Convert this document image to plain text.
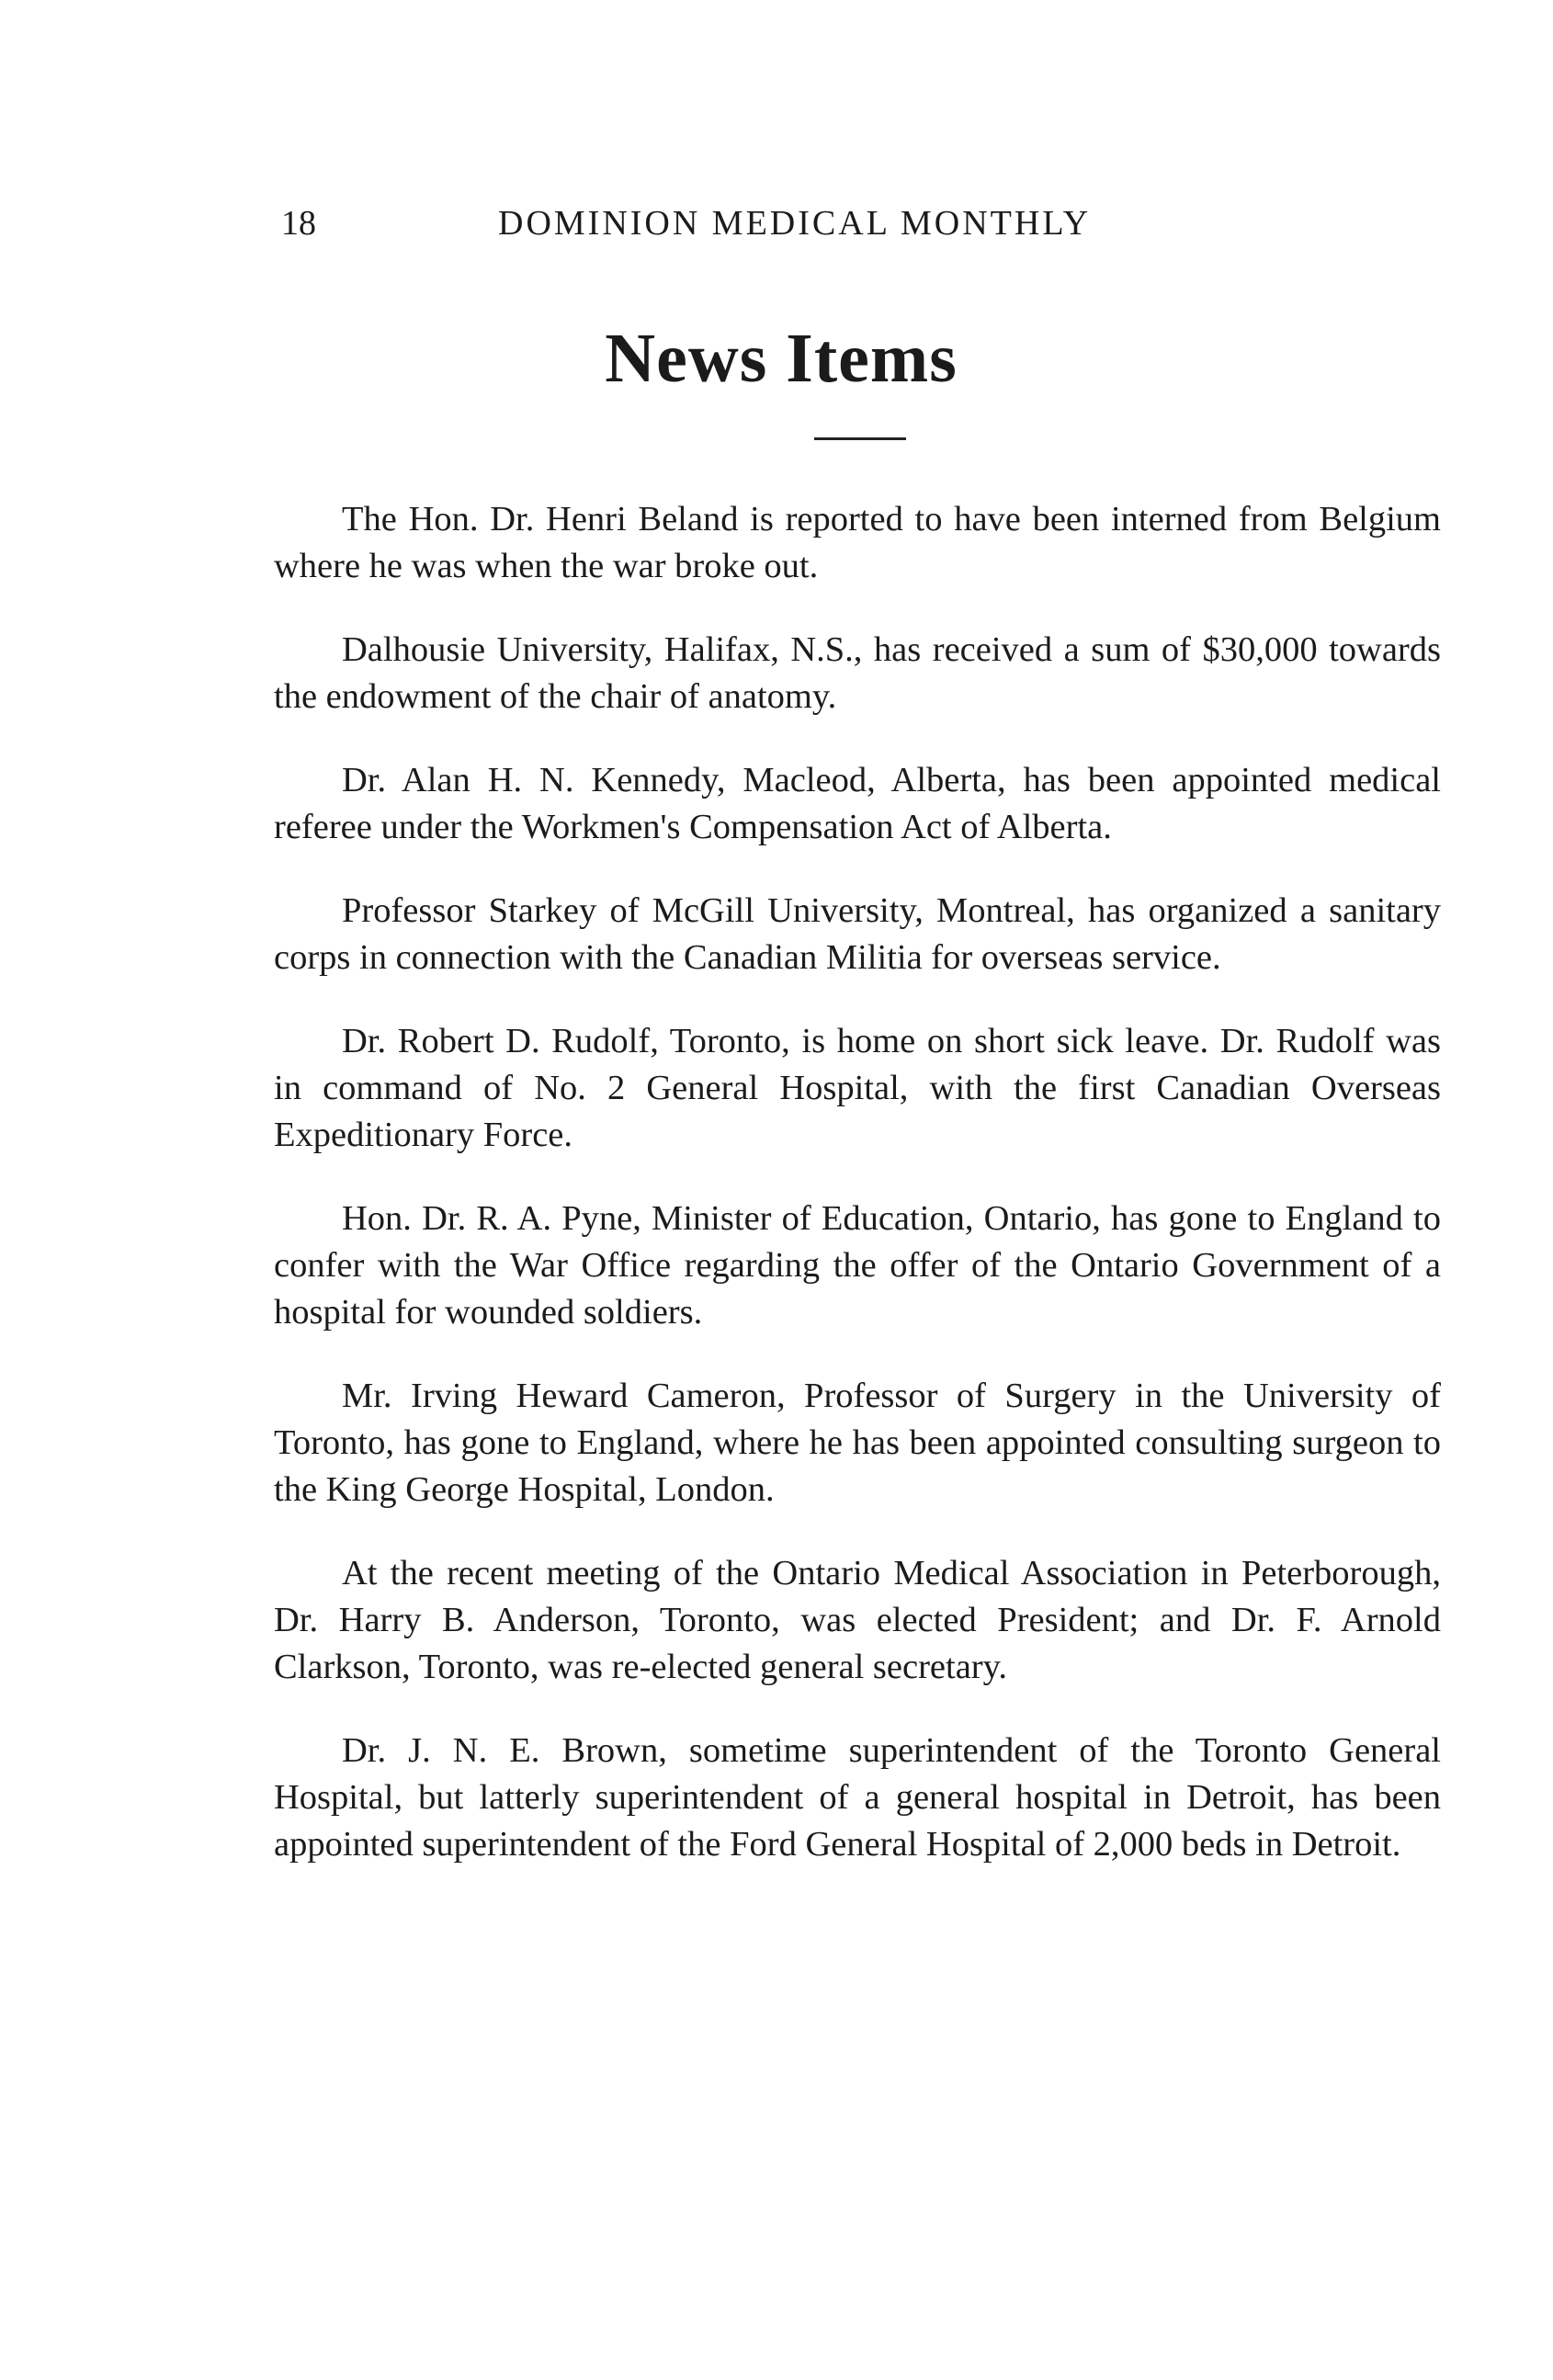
18	DOMINION MEDICAL MONTHLY
News Items

The Hon. Dr. Henri Beland is reported to have been interned from Belgium where he was when the war broke out.

Dalhousie University, Halifax, N.S., has received a sum of $30,000 towards the endowment of the chair of anatomy.

Dr. Alan H. N. Kennedy, Macleod, Alberta, has been appointed medical referee under the Workmen's Compensation Act of Alberta.

Professor Starkey of McGill University, Montreal, has organized a sanitary corps in connection with the Canadian Militia for overseas service.

Dr. Robert D. Rudolf, Toronto, is home on short sick leave. Dr. Rudolf was in command of No. 2 General Hospital, with the first Canadian Overseas Expeditionary Force.

Hon. Dr. R. A. Pyne, Minister of Education, Ontario, has gone to England to confer with the War Office regarding the offer of the Ontario Government of a hospital for wounded soldiers.

Mr. Irving Heward Cameron, Professor of Surgery in the University of Toronto, has gone to England, where he has been appointed consulting surgeon to the King George Hospital, London.

At the recent meeting of the Ontario Medical Association in Peterborough, Dr. Harry B. Anderson, Toronto, was elected President; and Dr. F. Arnold Clarkson, Toronto, was re-elected general secretary.

Dr. J. N. E. Brown, sometime superintendent of the Toronto General Hospital, but latterly superintendent of a general hospital in Detroit, has been appointed superintendent of the Ford General Hospital of 2,000 beds in Detroit.
